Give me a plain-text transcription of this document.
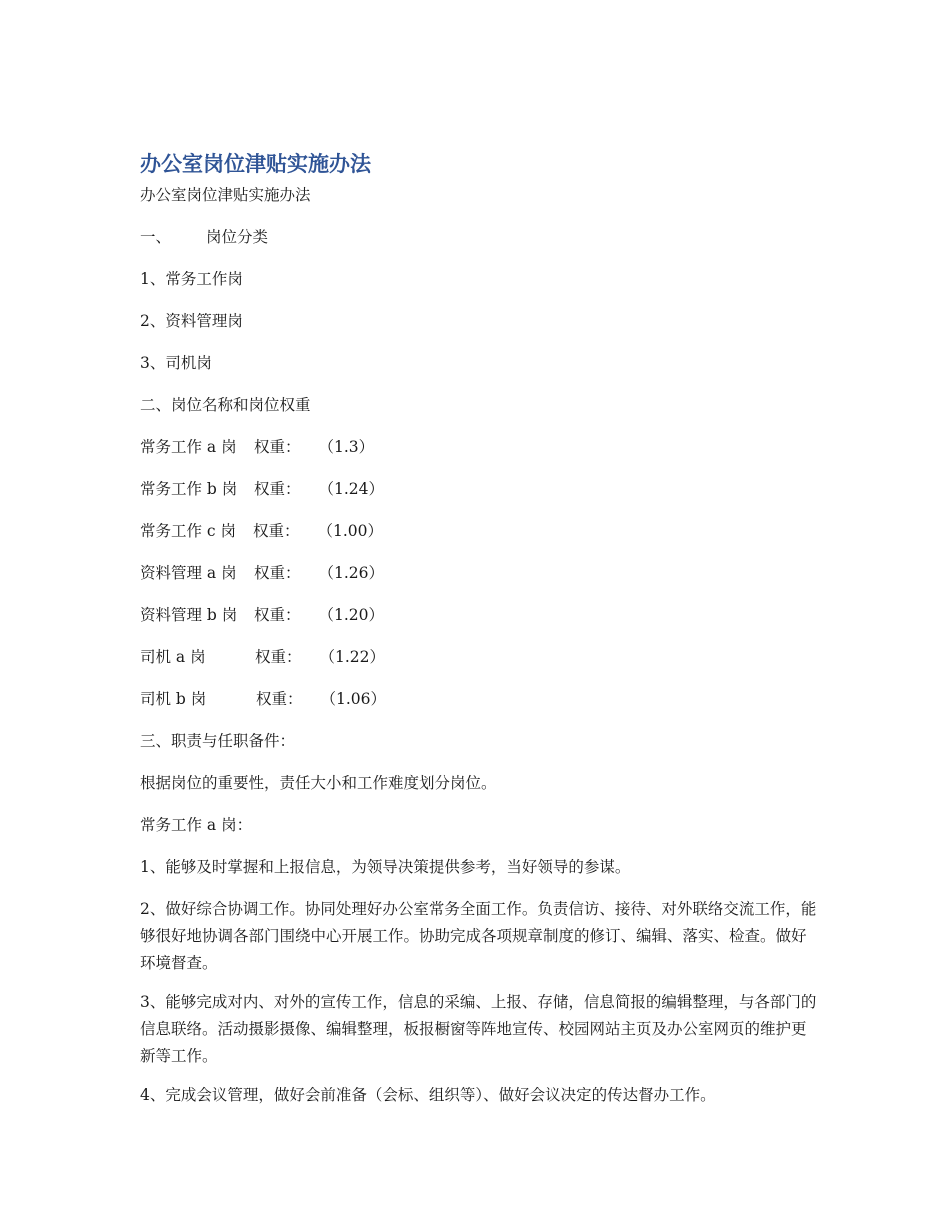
办公室岗位津贴实施办法

办公室岗位津贴实施办法

一、 岗位分类

1、常务工作岗

2、资料管理岗

3、司机岗

二、岗位名称和岗位权重

常务工作 a 岗	权重： （1.3）
常务工作 b 岗	权重： （1.24）
常务工作 c 岗	权重： （1.00）
资料管理 a 岗	权重： （1.26）
资料管理 b 岗	权重： （1.20）
司机 a 岗	权重： （1.22）
司机 b 岗	权重： （1.06）

三、职责与任职备件：

根据岗位的重要性，责任大小和工作难度划分岗位。

常务工作 a 岗：

1、能够及时掌握和上报信息，为领导决策提供参考，当好领导的参谋。

2、做好综合协调工作。协同处理好办公室常务全面工作。负责信访、接待、对外联络交流工作，能够很好地协调各部门围绕中心开展工作。协助完成各项规章制度的修订、编辑、落实、检查。做好环境督查。

3、能够完成对内、对外的宣传工作，信息的采编、上报、存储，信息简报的编辑整理，与各部门的信息联络。活动摄影摄像、编辑整理，板报橱窗等阵地宣传、校园网站主页及办公室网页的维护更新等工作。

4、完成会议管理，做好会前准备（会标、组织等）、做好会议决定的传达督办工作。
